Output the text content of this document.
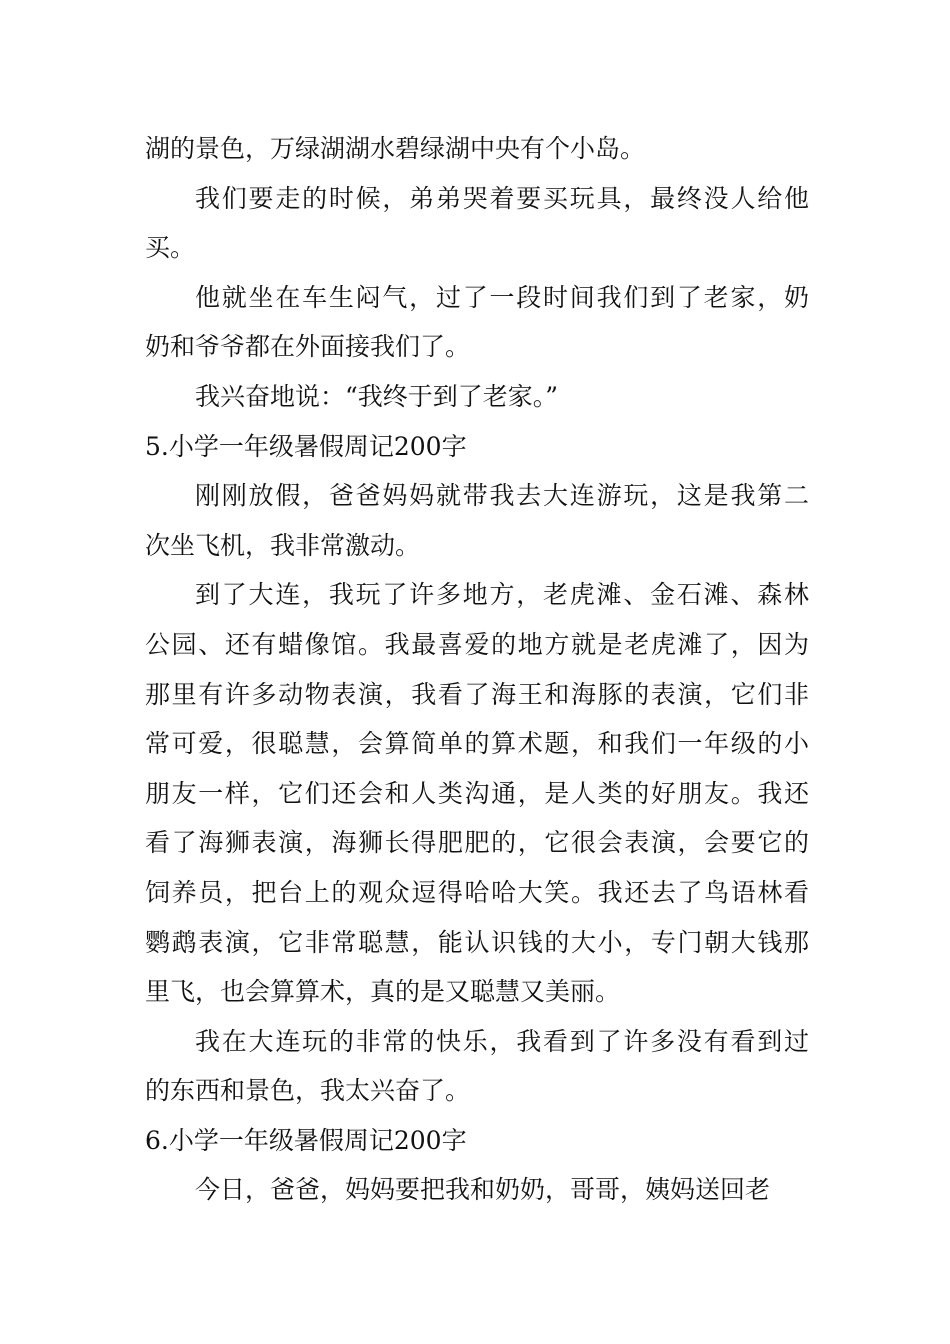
湖的景色，万绿湖湖水碧绿湖中央有个小岛。
我们要走的时候，弟弟哭着要买玩具，最终没人给他
买。
他就坐在车生闷气，过了一段时间我们到了老家，奶
奶和爷爷都在外面接我们了。
我兴奋地说：“我终于到了老家。”
5.小学一年级暑假周记200字
刚刚放假，爸爸妈妈就带我去大连游玩，这是我第二
次坐飞机，我非常激动。
到了大连，我玩了许多地方，老虎滩、金石滩、森林
公园、还有蜡像馆。我最喜爱的地方就是老虎滩了，因为
那里有许多动物表演，我看了海王和海豚的表演，它们非
常可爱，很聪慧，会算简单的算术题，和我们一年级的小
朋友一样，它们还会和人类沟通，是人类的好朋友。我还
看了海狮表演，海狮长得肥肥的，它很会表演，会要它的
饲养员，把台上的观众逗得哈哈大笑。我还去了鸟语林看
鹦鹉表演，它非常聪慧，能认识钱的大小，专门朝大钱那
里飞，也会算算术，真的是又聪慧又美丽。
我在大连玩的非常的快乐，我看到了许多没有看到过
的东西和景色，我太兴奋了。
6.小学一年级暑假周记200字
今日，爸爸，妈妈要把我和奶奶，哥哥，姨妈送回老
